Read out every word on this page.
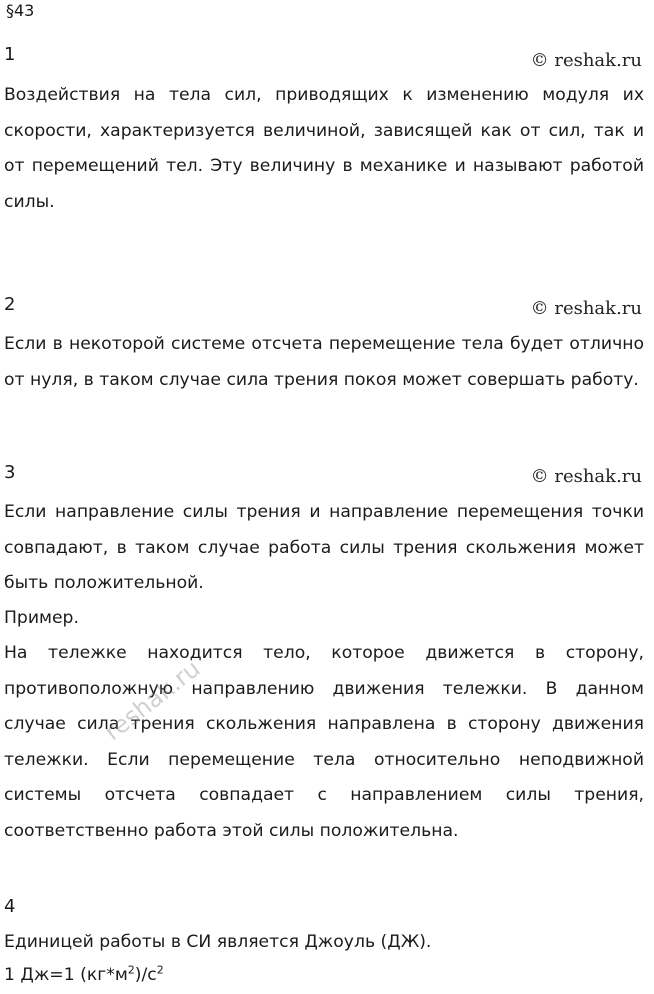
§43
1	© reshak.ru

Воздействия на тела сил, приводящих к изменению модуля их скорости, характеризуется величиной, зависящей как от сил, так и от перемещений тел. Эту величину в механике и называют работой силы.

2	© reshak.ru

Если в некоторой системе отсчета перемещение тела будет отлично от нуля, в таком случае сила трения покоя может совершать работу.

3	© reshak.ru

Если направление силы трения и направление перемещения точки совпадают, в таком случае работа силы трения скольжения может быть положительной.

Пример.

На тележке находится тело, которое движется в сторону, противоположную направлению движения тележки. В данном случае сила трения скольжения направлена в сторону движения тележки. Если перемещение тела относительно неподвижной системы отсчета совпадает с направлением силы трения, соответственно работа этой силы положительна.

reshak.ru
4
Единицей работы в СИ является Джоуль (ДЖ).
1 Дж=1 $(кг*м^2)/с^2$
